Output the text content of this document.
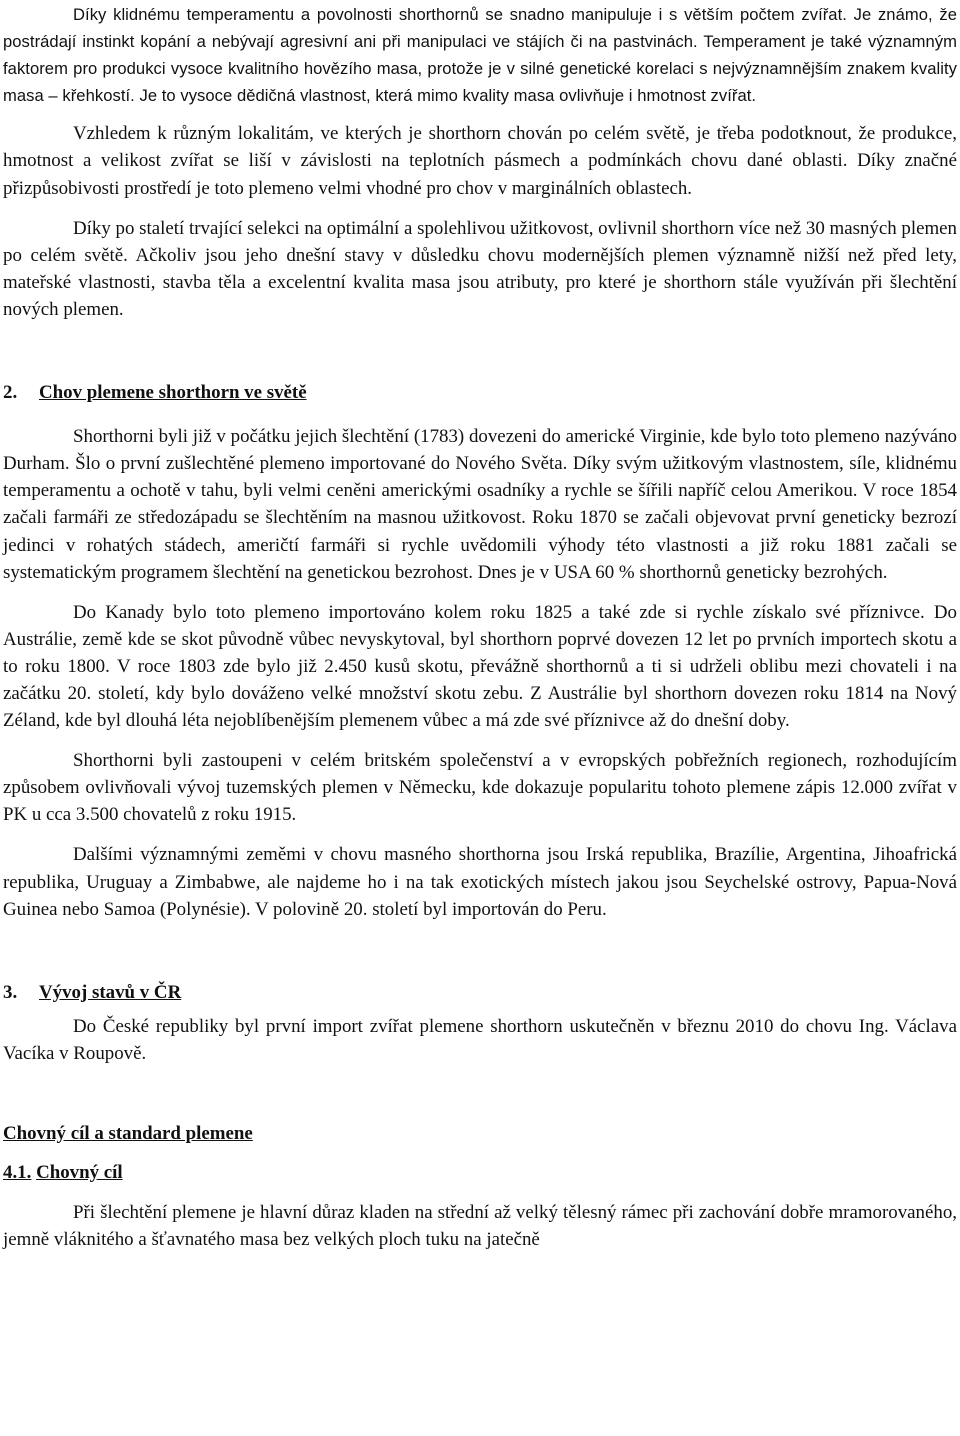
Díky klidnému temperamentu a povolnosti shorthornů se snadno manipuluje i s větším počtem zvířat. Je známo, že postrádají instinkt kopání a nebývají agresivní ani při manipulaci ve stájích či na pastvinách. Temperament je také významným faktorem pro produkci vysoce kvalitního hovězího masa, protože je v silné genetické korelaci s nejvýznamnějším znakem kvality masa – křehkostí. Je to vysoce dědičná vlastnost, která mimo kvality masa ovlivňuje i hmotnost zvířat.

Vzhledem k různým lokalitám, ve kterých je shorthorn chován po celém světě, je třeba podotknout, že produkce, hmotnost a velikost zvířat se liší v závislosti na teplotních pásmech a podmínkách chovu dané oblasti. Díky značné přizpůsobivosti prostředí je toto plemeno velmi vhodné pro chov v marginálních oblastech.

Díky po staletí trvající selekci na optimální a spolehlivou užitkovost, ovlivnil shorthorn více než 30 masných plemen po celém světě. Ačkoliv jsou jeho dnešní stavy v důsledku chovu modernějších plemen významně nižší než před lety, mateřské vlastnosti, stavba těla a excelentní kvalita masa jsou atributy, pro které je shorthorn stále využíván při šlechtění nových plemen.

2. Chov plemene shorthorn ve světě

Shorthorni byli již v počátku jejich šlechtění (1783) dovezeni do americké Virginie, kde bylo toto plemeno nazýváno Durham. Šlo o první zušlechtěné plemeno importované do Nového Světa. Díky svým užitkovým vlastnostem, síle, klidnému temperamentu a ochotě v tahu, byli velmi ceněni americkými osadníky a rychle se šířili napříč celou Amerikou. V roce 1854 začali farmáři ze středozápadu se šlechtěním na masnou užitkovost. Roku 1870 se začali objevovat první geneticky bezrozí jedinci v rohatých stádech, američtí farmáři si rychle uvědomili výhody této vlastnosti a již roku 1881 začali se systematickým programem šlechtění na genetickou bezrohost. Dnes je v USA 60 % shorthornů geneticky bezrohých.

Do Kanady bylo toto plemeno importováno kolem roku 1825 a také zde si rychle získalo své příznivce. Do Austrálie, země kde se skot původně vůbec nevyskytoval, byl shorthorn poprvé dovezen 12 let po prvních importech skotu a to roku 1800. V roce 1803 zde bylo již 2.450 kusů skotu, převážně shorthornů a ti si udrželi oblibu mezi chovateli i na začátku 20. století, kdy bylo dováženo velké množství skotu zebu. Z Austrálie byl shorthorn dovezen roku 1814 na Nový Zéland, kde byl dlouhá léta nejoblíbenějším plemenem vůbec a má zde své příznivce až do dnešní doby.

Shorthorni byli zastoupeni v celém britském společenství a v evropských pobřežních regionech, rozhodujícím způsobem ovlivňovali vývoj tuzemských plemen v Německu, kde dokazuje popularitu tohoto plemene zápis 12.000 zvířat v PK u cca 3.500 chovatelů z roku 1915.

Dalšími významnými zeměmi v chovu masného shorthorna jsou Irská republika, Brazílie, Argentina, Jihoafrická republika, Uruguay a Zimbabwe, ale najdeme ho i na tak exotických místech jakou jsou Seychelské ostrovy, Papua-Nová Guinea nebo Samoa (Polynésie). V polovině 20. století byl importován do Peru.

3. Vývoj stavů v ČR

Do České republiky byl první import zvířat plemene shorthorn uskutečněn v březnu 2010 do chovu Ing. Václava Vacíka v Roupově.

Chovný cíl a standard plemene

4.1. Chovný cíl

Při šlechtění plemene je hlavní důraz kladen na střední až velký tělesný rámec při zachování dobře mramorovaného, jemně vláknitého a šťavnatého masa bez velkých ploch tuku na jatečně
